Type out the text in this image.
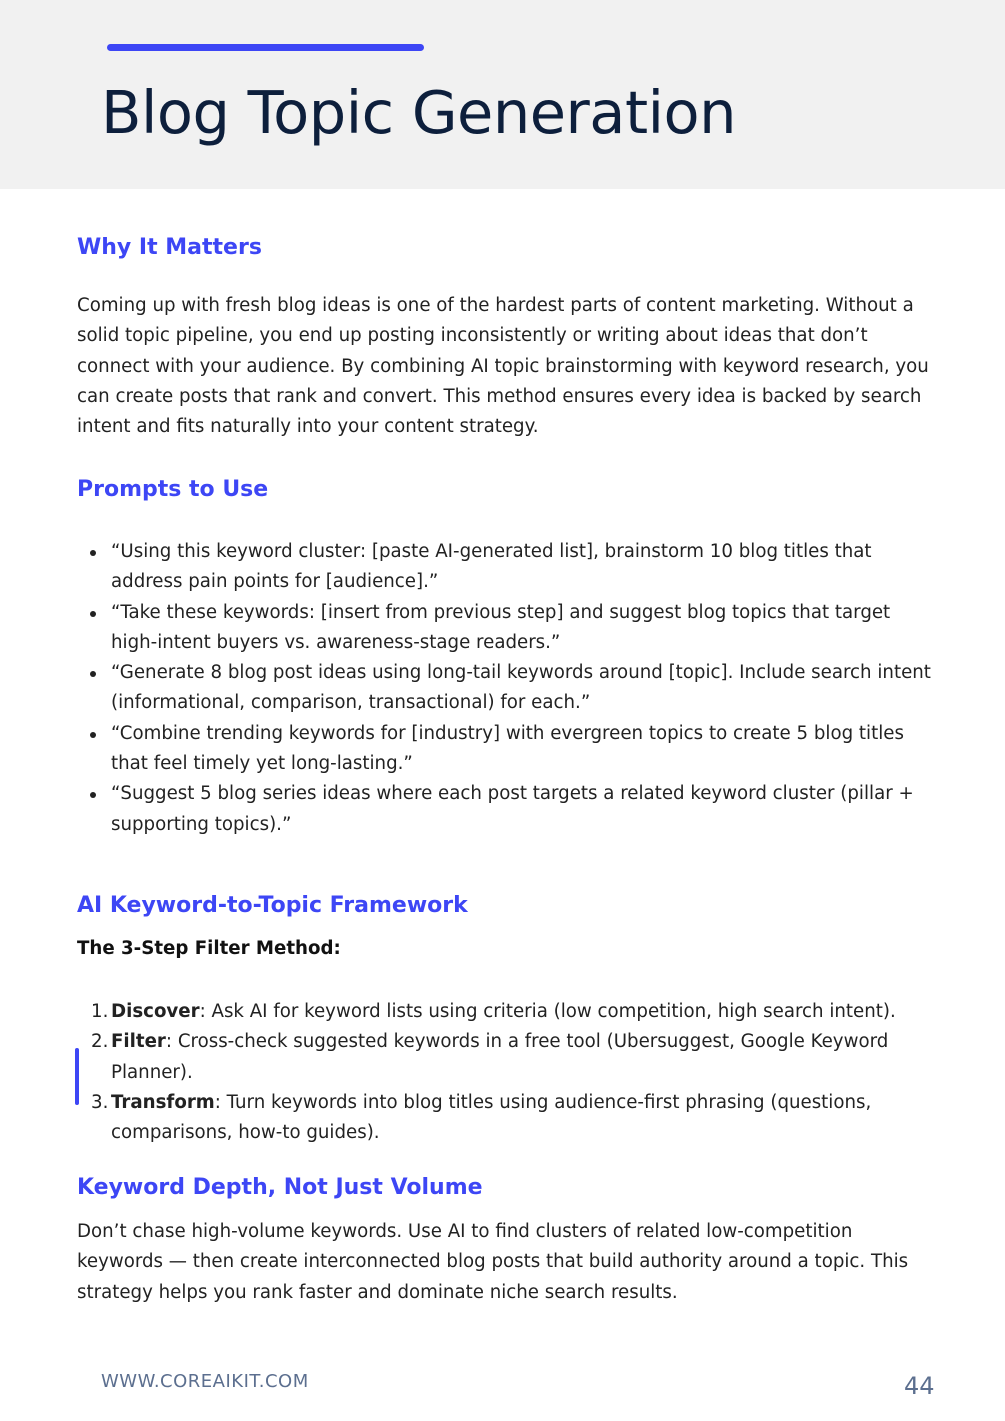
Blog Topic Generation
Why It Matters

Coming up with fresh blog ideas is one of the hardest parts of content marketing. Without a solid topic pipeline, you end up posting inconsistently or writing about ideas that don’t connect with your audience. By combining AI topic brainstorming with keyword research, you can create posts that rank and convert. This method ensures every idea is backed by search intent and fits naturally into your content strategy.

Prompts to Use
“Using this keyword cluster: [paste AI-generated list], brainstorm 10 blog titles that address pain points for [audience].”
“Take these keywords: [insert from previous step] and suggest blog topics that target high-intent buyers vs. awareness-stage readers.”
“Generate 8 blog post ideas using long-tail keywords around [topic]. Include search intent (informational, comparison, transactional) for each.”
“Combine trending keywords for [industry] with evergreen topics to create 5 blog titles that feel timely yet long-lasting.”
“Suggest 5 blog series ideas where each post targets a related keyword cluster (pillar + supporting topics).”
AI Keyword-to-Topic Framework
The 3-Step Filter Method:
1. Discover: Ask AI for keyword lists using criteria (low competition, high search intent).
2. Filter: Cross-check suggested keywords in a free tool (Ubersuggest, Google Keyword Planner).
3. Transform: Turn keywords into blog titles using audience-first phrasing (questions, comparisons, how-to guides).
Keyword Depth, Not Just Volume

Don’t chase high-volume keywords. Use AI to find clusters of related low-competition keywords — then create interconnected blog posts that build authority around a topic. This strategy helps you rank faster and dominate niche search results.

WWW.COREAIKIT.COM	44
